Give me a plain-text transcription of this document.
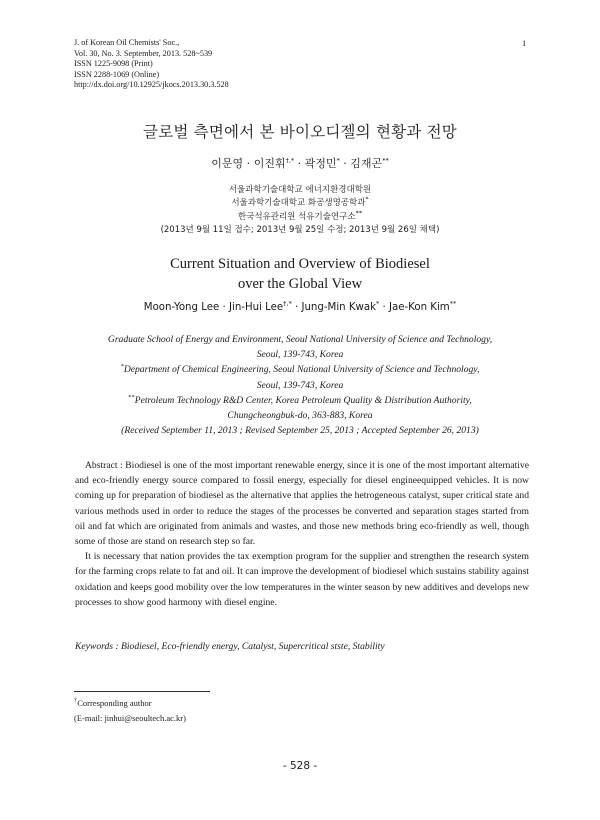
J. of Korean Oil Chemists' Soc.,
Vol. 30, No. 3. September, 2013. 528~539
ISSN 1225-9098 (Print)
ISSN 2288-1069 (Online)
http://dx.doi.org/10.12925/jkocs.2013.30.3.528
1
글로벌 측면에서 본 바이오디젤의 현황과 전망
이문영 · 이진휘†,* · 곽정민* · 김재곤**
서울과학기술대학교 에너지환경대학원
서울과학기술대학교 화공생명공학과*
한국석유관리원 석유기술연구소**
(2013년 9월 11일 접수; 2013년 9월 25일 수정; 2013년 9월 26일 채택)
Current Situation and Overview of Biodiesel
over the Global View
Moon-Yong Lee · Jin-Hui Lee†,* · Jung-Min Kwak* · Jae-Kon Kim**
Graduate School of Energy and Environment, Seoul National University of Science and Technology,
Seoul, 139-743, Korea
*Department of Chemical Engineering, Seoul National University of Science and Technology,
Seoul, 139-743, Korea
**Petroleum Technology R&D Center, Korea Petroleum Quality & Distribution Authority,
Chungcheongbuk-do, 363-883, Korea
(Received September 11, 2013 ; Revised September 25, 2013 ; Accepted September 26, 2013)

Abstract : Biodiesel is one of the most important renewable energy, since it is one of the most important alternative and eco-friendly energy source compared to fossil energy, especially for diesel engineequipped vehicles. It is now coming up for preparation of biodiesel as the alternative that applies the hetrogeneous catalyst, super critical state and various methods used in order to reduce the stages of the processes be converted and separation stages started from oil and fat which are originated from animals and wastes, and those new methods bring eco-friendly as well, though some of those are stand on research step so far.

It is necessary that nation provides the tax exemption program for the supplier and strengthen the research system for the farming crops relate to fat and oil. It can improve the development of biodiesel which sustains stability against oxidation and keeps good mobility over the low temperatures in the winter season by new additives and develops new processes to show good harmony with diesel engine.

Keywords : Biodiesel, Eco-friendly energy, Catalyst, Supercritical stste, Stability
†Corresponding author
(E-mail: jinhui@seoultech.ac.kr)
- 528 -
